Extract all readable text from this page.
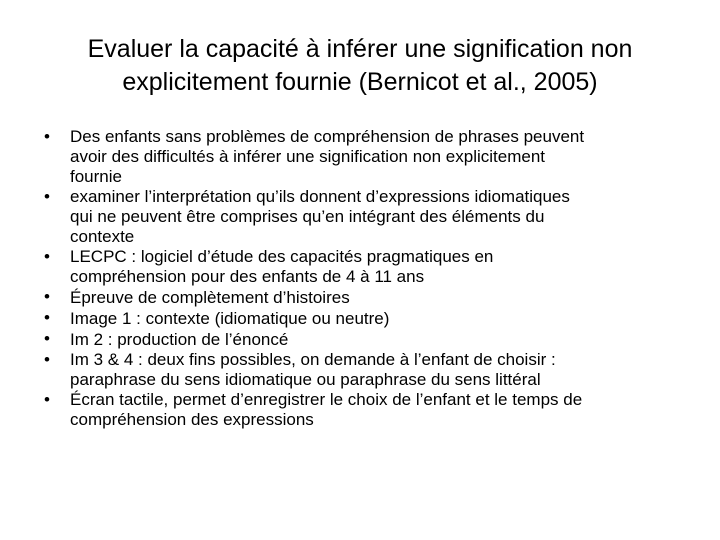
Evaluer la capacité à inférer une signification non
explicitement fournie (Bernicot et al., 2005)
•	Des enfants sans problèmes de compréhension de phrases peuvent
avoir des difficultés à inférer une signification non explicitement
fournie
•	examiner l’interprétation qu’ils donnent d’expressions idiomatiques
qui ne peuvent être comprises qu’en intégrant des éléments du
contexte
•	LECPC : logiciel d’étude des capacités pragmatiques en
compréhension pour des enfants de 4 à 11 ans
•	Épreuve de complètement d’histoires
•	Image 1 : contexte (idiomatique ou neutre)
•	Im 2 : production de l’énoncé
•	Im 3 & 4 : deux fins possibles, on demande à l’enfant de choisir :
paraphrase du sens idiomatique ou paraphrase du sens littéral
•	Écran tactile, permet d’enregistrer le choix de l’enfant et le temps de
compréhension des expressions
